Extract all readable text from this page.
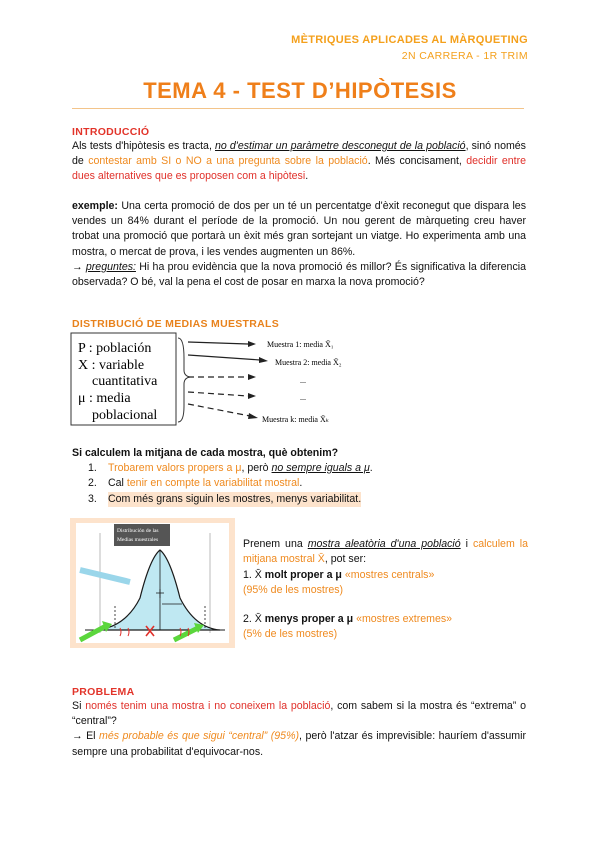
MÈTRIQUES APLICADES AL MÀRQUETING
2N CARRERA - 1R TRIM
TEMA 4 - TEST D’HIPÒTESIS
INTRODUCCIÓ
Als tests d'hipòtesis es tracta, no d'estimar un paràmetre desconegut de la població, sinó només de contestar amb SI o NO a una pregunta sobre la població. Més concisament, decidir entre dues alternatives que es proposen com a hipòtesi.
exemple: Una certa promoció de dos per un té un percentatge d'èxit reconegut que dispara les vendes un 84% durant el període de la promoció. Un nou gerent de màrqueting creu haver trobat una promoció que portarà un èxit més gran sortejant un viatge. Ho experimenta amb una mostra, o mercat de prova, i les vendes augmenten un 86%.
→ preguntes: Hi ha prou evidència que la nova promoció és millor? És significativa la diferencia observada? O bé, val la pena el cost de posar en marxa la nova promoció?
DISTRIBUCIÓ DE MEDIAS MUESTRALS
P : población
X : variable
cuantitativa
μ : media
poblacional
Muestra 1: media X̄₁
Muestra 2: media X̄₂
...
...
Muestra k: media X̄ₖ
Si calculem la mitjana de cada mostra, què obtenim?
1.	Trobarem valors propers a μ, però no sempre iguals a μ.
2.	Cal tenir en compte la variabilitat mostral.
3.	Com més grans siguin les mostres, menys variabilitat.
Distribución de las
Medias muestrales	Prenem una mostra aleatòria d'una població i calculem la mitjana mostral X̄, pot ser:
1. X̄ molt proper a μ «mostres centrals»
(95% de les mostres)
2. X̄ menys proper a μ «mostres extremes»
(5% de les mostres)
PROBLEMA
Si només tenim una mostra i no coneixem la població, com sabem si la mostra és “extrema” o “central”?
→ El més probable és que sigui “central” (95%), però l'atzar és imprevisible: hauríem d'assumir sempre una probabilitat d'equivocar-nos.
